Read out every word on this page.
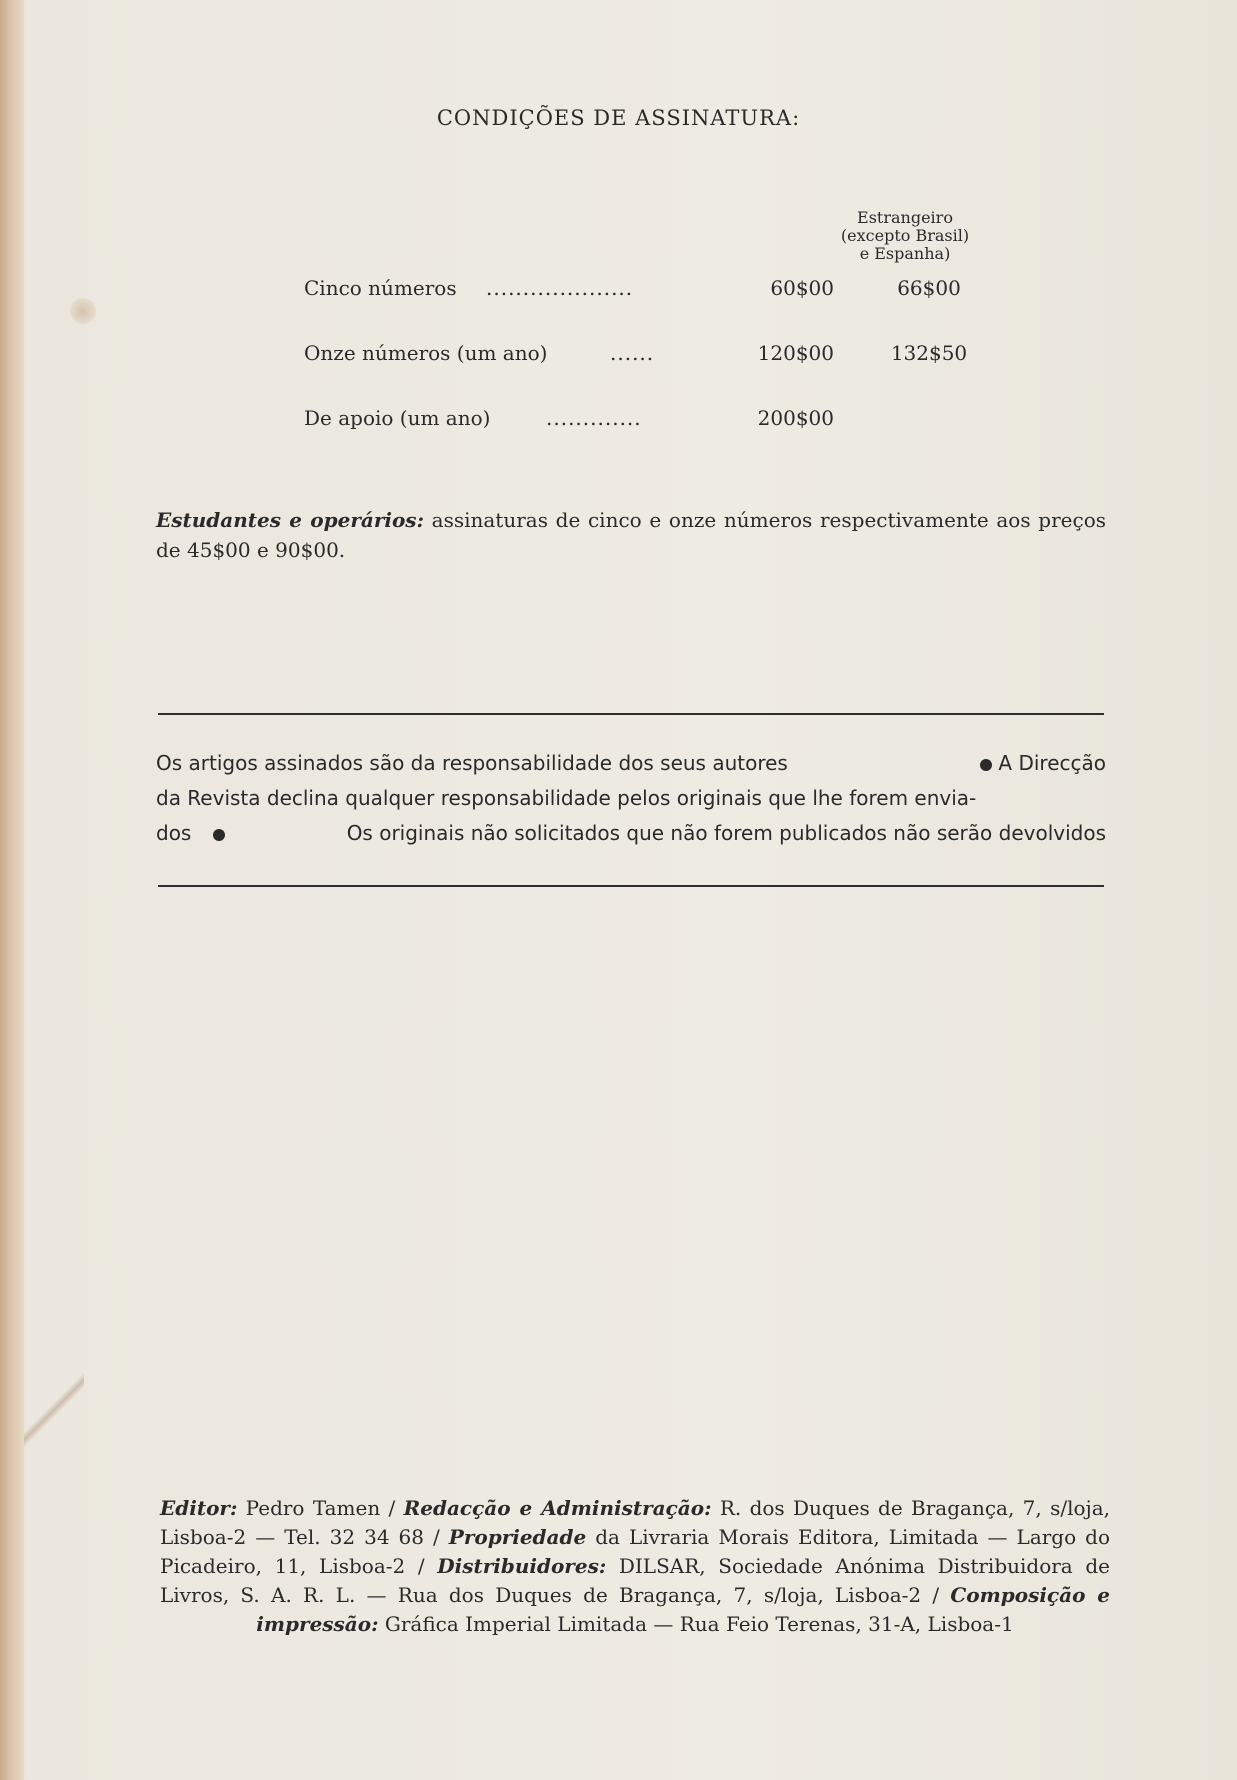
CONDIÇÕES DE ASSINATURA:
Estrangeiro
(excepto Brasil)
e Espanha)
Cinco números ....................	60$00	66$00
Onze números (um ano)	......	120$00	132$50
De apoio (um ano)	.............	200$00
Estudantes e operários: assinaturas de cinco e onze números respectivamente aos preços de 45$00 e 90$00.
Os artigos assinados são da responsabilidade dos seus autores	A Direcção
da Revista declina qualquer responsabilidade pelos originais que lhe forem envia-
dos	Os originais não solicitados que não forem publicados não serão devolvidos
Editor: Pedro Tamen / Redacção e Administração: R. dos Duques de Bragança, 7, s/loja, Lisboa-2 — Tel. 32 34 68 / Propriedade da Livraria Morais Editora, Limitada — Largo do Picadeiro, 11, Lisboa-2 / Distribuidores: DILSAR, Sociedade Anónima Distribuidora de Livros, S. A. R. L. — Rua dos Duques de Bragança, 7, s/loja, Lisboa-2 / Composição e impressão: Gráfica Imperial Limitada — Rua Feio Terenas, 31-A, Lisboa-1
